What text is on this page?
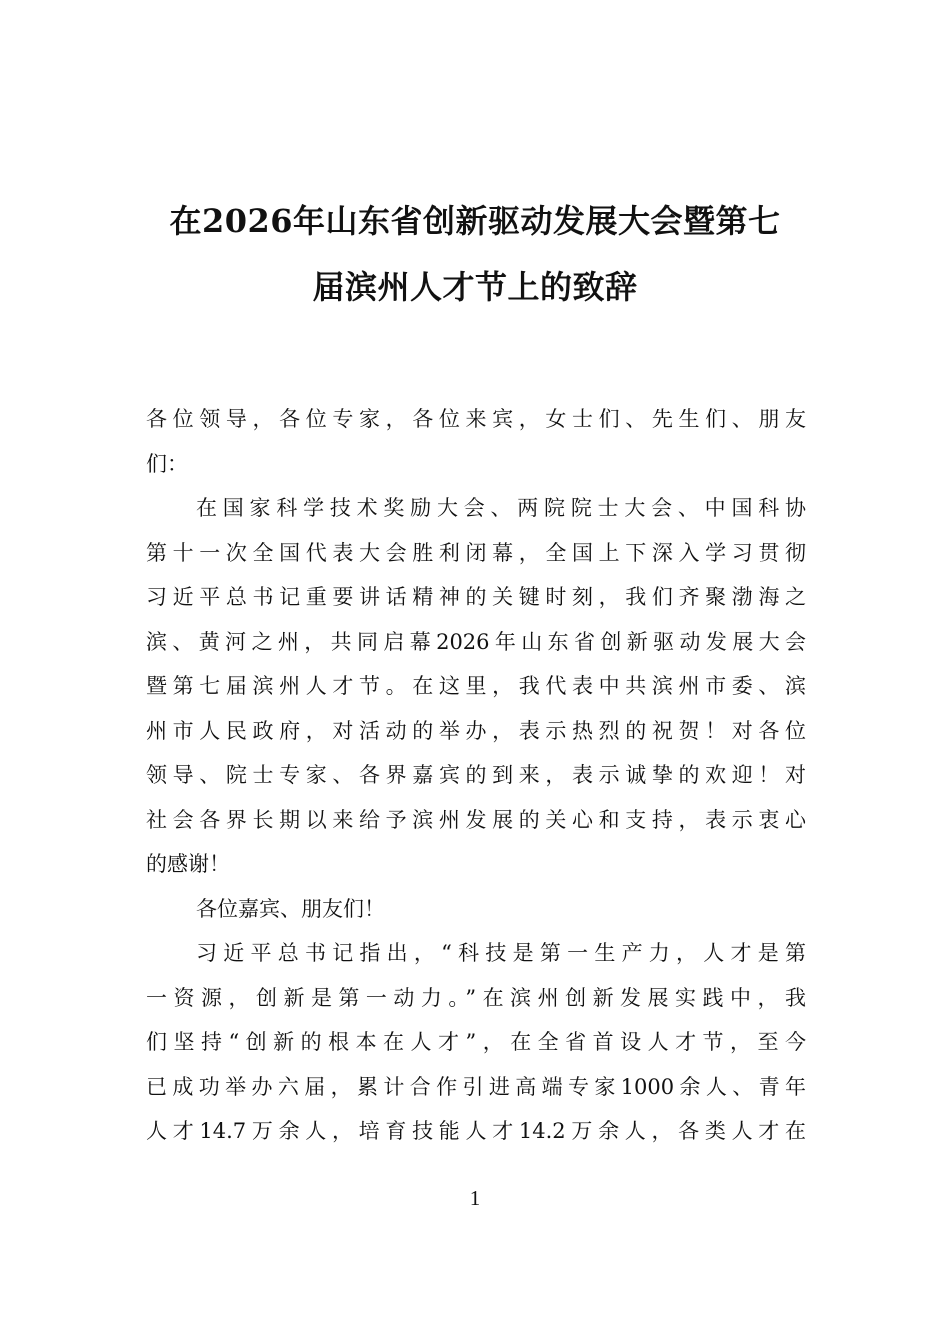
在2026年山东省创新驱动发展大会暨第七
届滨州人才节上的致辞
各位领导，各位专家，各位来宾，女士们、先生们、朋友
们：
在国家科学技术奖励大会、两院院士大会、中国科协
第十一次全国代表大会胜利闭幕，全国上下深入学习贯彻
习近平总书记重要讲话精神的关键时刻，我们齐聚渤海之
滨、黄河之州，共同启幕2026年山东省创新驱动发展大会
暨第七届滨州人才节。在这里，我代表中共滨州市委、滨
州市人民政府，对活动的举办，表示热烈的祝贺！对各位
领导、院士专家、各界嘉宾的到来，表示诚挚的欢迎！对
社会各界长期以来给予滨州发展的关心和支持，表示衷心
的感谢！
各位嘉宾、朋友们！
习近平总书记指出，“科技是第一生产力，人才是第
一资源，创新是第一动力。”在滨州创新发展实践中，我
们坚持“创新的根本在人才”，在全省首设人才节，至今
已成功举办六届，累计合作引进高端专家1000余人、青年
人才14.7万余人，培育技能人才14.2万余人，各类人才在
1
